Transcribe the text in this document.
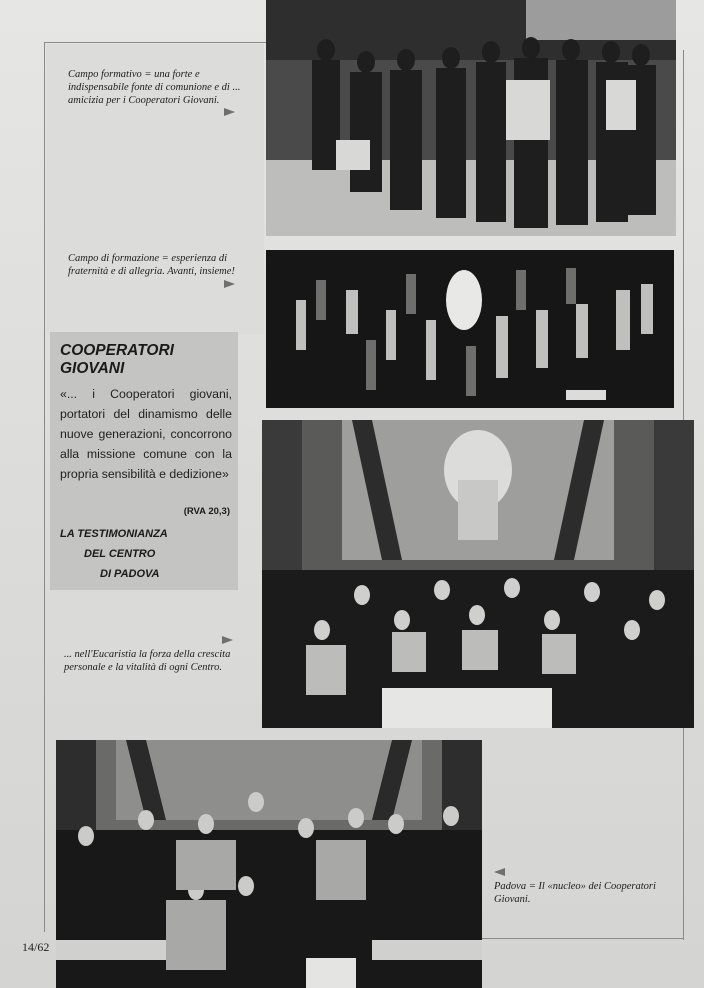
Campo formativo = una forte e indispensabile fonte di comunione e di ... amicizia per i Cooperatori Giovani.
Campo di formazione = esperienza di fraternità e di allegria. Avanti, insieme!
COOPERATORI GIOVANI
«... i Cooperatori giovani, portatori del dinamismo delle nuove generazioni, concorrono alla missione comune con la propria sensibilità e dedizione»
(RVA 20,3)
LA TESTIMONIANZA
DEL CENTRO
DI PADOVA
... nell'Eucaristia la forza della crescita personale e la vitalità di ogni Centro.
Padova = Il «nucleo» dei Cooperatori Giovani.
14/62
